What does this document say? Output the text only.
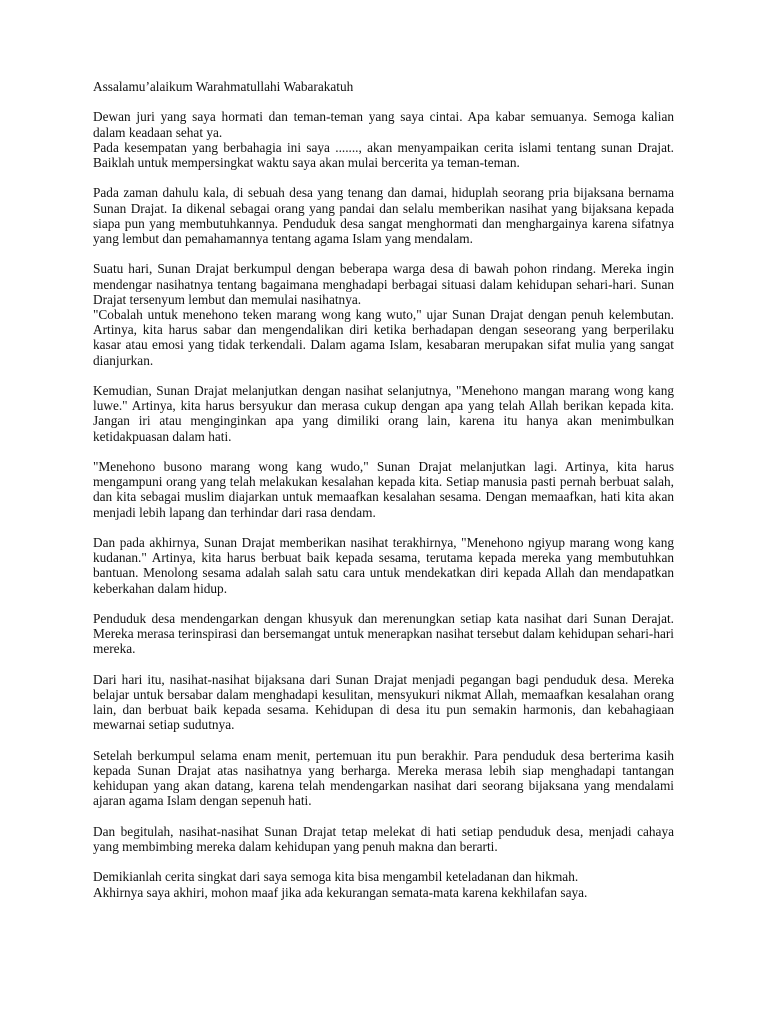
Assalamu’alaikum Warahmatullahi Wabarakatuh

Dewan juri yang saya hormati dan teman-teman yang saya cintai. Apa kabar semuanya. Semoga kalian dalam keadaan sehat ya.

Pada kesempatan yang berbahagia ini saya ......., akan menyampaikan cerita islami tentang sunan Drajat. Baiklah untuk mempersingkat waktu saya akan mulai bercerita ya teman-teman.

Pada zaman dahulu kala, di sebuah desa yang tenang dan damai, hiduplah seorang pria bijaksana bernama Sunan Drajat. Ia dikenal sebagai orang yang pandai dan selalu memberikan nasihat yang bijaksana kepada siapa pun yang membutuhkannya. Penduduk desa sangat menghormati dan menghargainya karena sifatnya yang lembut dan pemahamannya tentang agama Islam yang mendalam.

Suatu hari, Sunan Drajat berkumpul dengan beberapa warga desa di bawah pohon rindang. Mereka ingin mendengar nasihatnya tentang bagaimana menghadapi berbagai situasi dalam kehidupan sehari-hari. Sunan Drajat tersenyum lembut dan memulai nasihatnya.

"Cobalah untuk menehono teken marang wong kang wuto," ujar Sunan Drajat dengan penuh kelembutan. Artinya, kita harus sabar dan mengendalikan diri ketika berhadapan dengan seseorang yang berperilaku kasar atau emosi yang tidak terkendali. Dalam agama Islam, kesabaran merupakan sifat mulia yang sangat dianjurkan.

Kemudian, Sunan Drajat melanjutkan dengan nasihat selanjutnya, "Menehono mangan marang wong kang luwe." Artinya, kita harus bersyukur dan merasa cukup dengan apa yang telah Allah berikan kepada kita. Jangan iri atau menginginkan apa yang dimiliki orang lain, karena itu hanya akan menimbulkan ketidakpuasan dalam hati.

"Menehono busono marang wong kang wudo," Sunan Drajat melanjutkan lagi. Artinya, kita harus mengampuni orang yang telah melakukan kesalahan kepada kita. Setiap manusia pasti pernah berbuat salah, dan kita sebagai muslim diajarkan untuk memaafkan kesalahan sesama. Dengan memaafkan, hati kita akan menjadi lebih lapang dan terhindar dari rasa dendam.

Dan pada akhirnya, Sunan Drajat memberikan nasihat terakhirnya, "Menehono ngiyup marang wong kang kudanan." Artinya, kita harus berbuat baik kepada sesama, terutama kepada mereka yang membutuhkan bantuan. Menolong sesama adalah salah satu cara untuk mendekatkan diri kepada Allah dan mendapatkan keberkahan dalam hidup.

Penduduk desa mendengarkan dengan khusyuk dan merenungkan setiap kata nasihat dari Sunan Derajat. Mereka merasa terinspirasi dan bersemangat untuk menerapkan nasihat tersebut dalam kehidupan sehari-hari mereka.

Dari hari itu, nasihat-nasihat bijaksana dari Sunan Drajat menjadi pegangan bagi penduduk desa. Mereka belajar untuk bersabar dalam menghadapi kesulitan, mensyukuri nikmat Allah, memaafkan kesalahan orang lain, dan berbuat baik kepada sesama. Kehidupan di desa itu pun semakin harmonis, dan kebahagiaan mewarnai setiap sudutnya.

Setelah berkumpul selama enam menit, pertemuan itu pun berakhir. Para penduduk desa berterima kasih kepada Sunan Drajat atas nasihatnya yang berharga. Mereka merasa lebih siap menghadapi tantangan kehidupan yang akan datang, karena telah mendengarkan nasihat dari seorang bijaksana yang mendalami ajaran agama Islam dengan sepenuh hati.

Dan begitulah, nasihat-nasihat Sunan Drajat tetap melekat di hati setiap penduduk desa, menjadi cahaya yang membimbing mereka dalam kehidupan yang penuh makna dan berarti.

Demikianlah cerita singkat dari saya semoga kita bisa mengambil keteladanan dan hikmah.

Akhirnya saya akhiri, mohon maaf jika ada kekurangan semata-mata karena kekhilafan saya.
